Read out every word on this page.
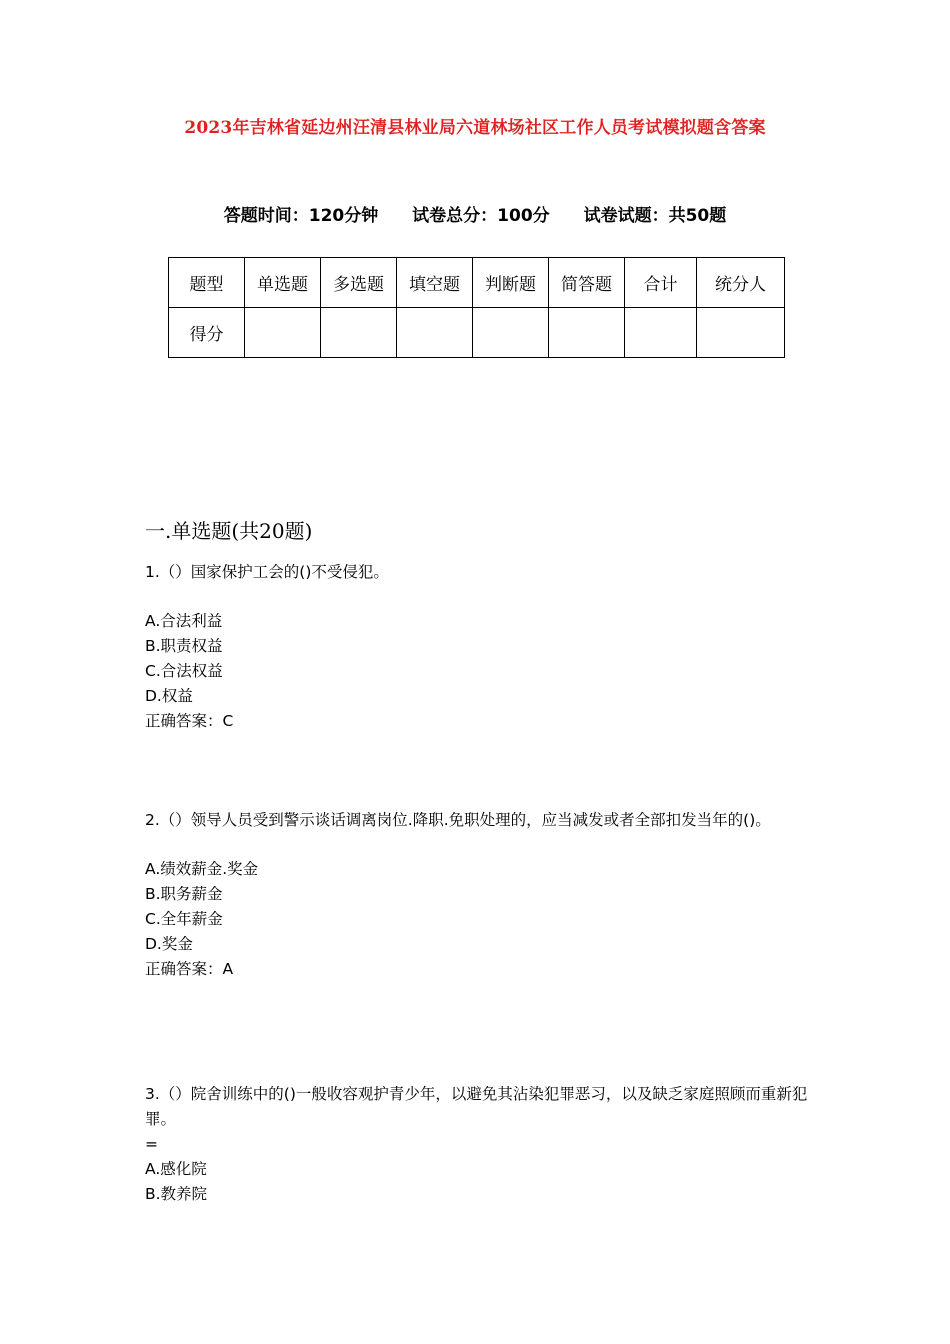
2023年吉林省延边州汪清县林业局六道林场社区工作人员考试模拟题含答案
答题时间：120分钟 试卷总分：100分 试卷试题：共50题
题型	单选题	多选题	填空题	判断题	简答题	合计	统分人
得分							
一.单选题(共20题)
1.（）国家保护工会的()不受侵犯。
A.合法利益
B.职责权益
C.合法权益
D.权益
正确答案：C
2.（）领导人员受到警示谈话调离岗位.降职.免职处理的，应当减发或者全部扣发当年的()。
A.绩效薪金.奖金
B.职务薪金
C.全年薪金
D.奖金
正确答案：A
3.（）院舍训练中的()一般收容观护青少年，以避免其沾染犯罪恶习，以及缺乏家庭照顾而重新犯罪。
=
A.感化院
B.教养院
